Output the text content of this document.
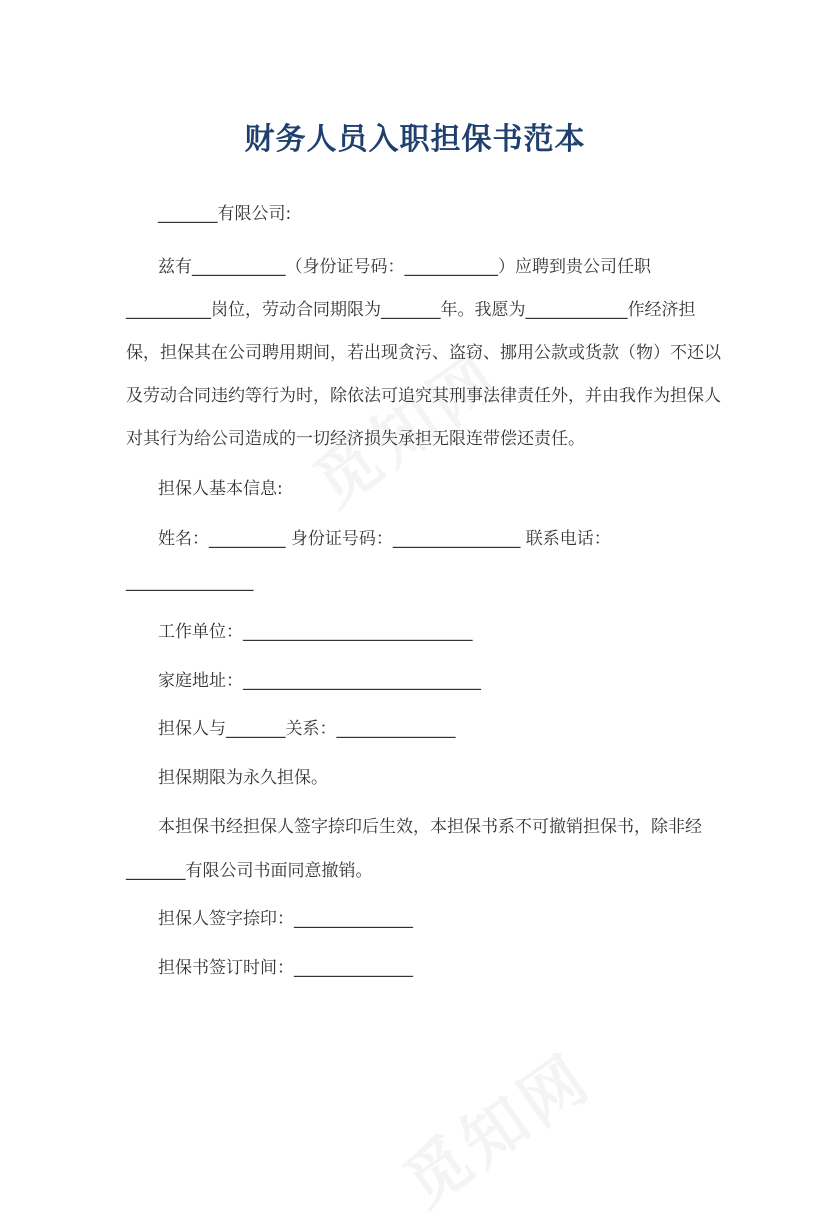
财务人员入职担保书范本
_______有限公司:
兹有___________（身份证号码：___________）应聘到贵公司任职
__________岗位，劳动合同期限为_______年。我愿为____________作经济担
保，担保其在公司聘用期间，若出现贪污、盗窃、挪用公款或货款（物）不还以
及劳动合同违约等行为时，除依法可追究其刑事法律责任外，并由我作为担保人
对其行为给公司造成的一切经济损失承担无限连带偿还责任。
担保人基本信息:
姓名：_________ 身份证号码：_______________ 联系电话：
_______________
工作单位：___________________________
家庭地址：____________________________
担保人与_______关系：______________
担保期限为永久担保。
本担保书经担保人签字捺印后生效，本担保书系不可撤销担保书，除非经
_______有限公司书面同意撤销。
担保人签字捺印：______________
担保书签订时间：______________
